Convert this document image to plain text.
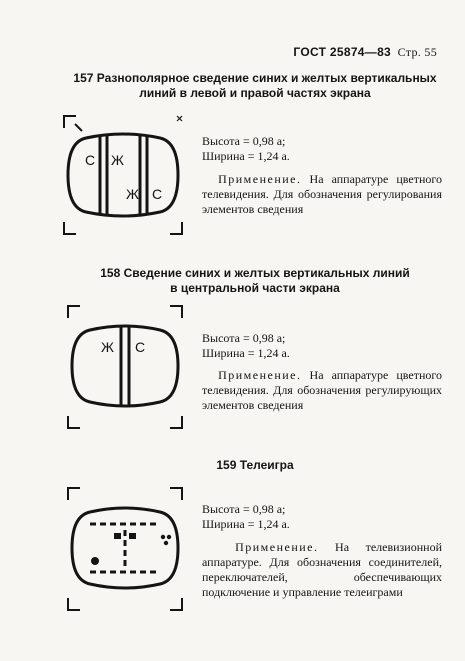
ГОСТ 25874—83 Стр. 55
157 Разнополярное сведение синих и желтых вертикальных
линий в левой и правой частях экрана
С Ж
Ж С
Высота = 0,98 а;
Ширина = 1,24 а.
Применение. На аппаратуре цветного телевидения. Для обозначения регулирования элементов сведения
158 Сведение синих и желтых вертикальных линий
в центральной части экрана
Ж С
Высота = 0,98 а;
Ширина = 1,24 а.
Применение. На аппаратуре цветного телевидения. Для обозначения регулирующих элементов сведения
159 Телеигра
Высота = 0,98 а;
Ширина = 1,24 а.
Применение. На телевизионной аппаратуре. Для обозначения соединителей, переключателей, обеспечивающих подключение и управление телеиграми
